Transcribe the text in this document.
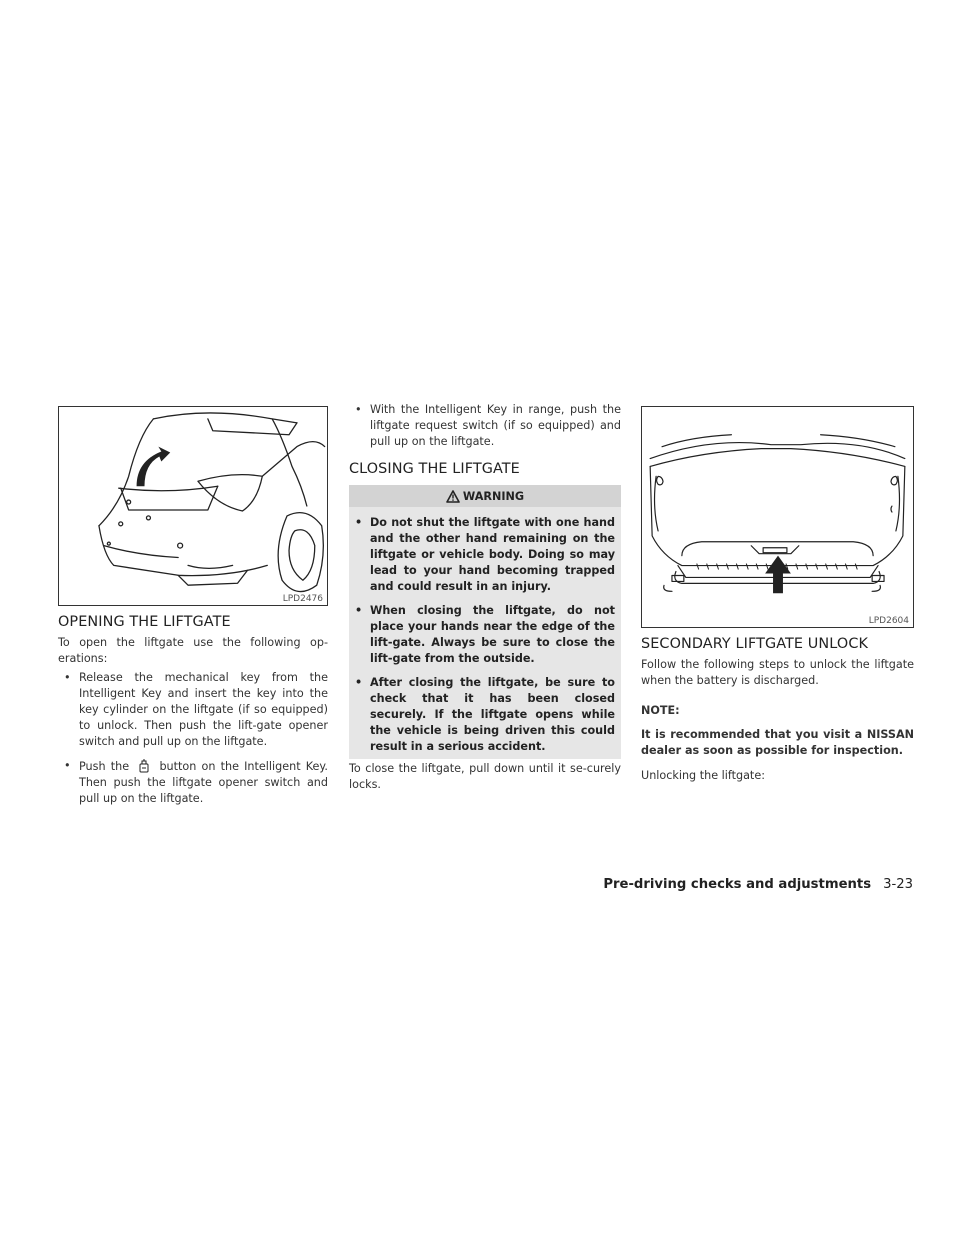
LPD2476
OPENING THE LIFTGATE

To open the liftgate use the following op-erations:

• Release the mechanical key from the Intelligent Key and insert the key into the key cylinder on the liftgate (if so equipped) to unlock. Then push the lift-gate opener switch and pull up on the liftgate.
• Push the	button on the Intelligent Key. Then push the liftgate opener switch and pull up on the liftgate.
• With the Intelligent Key in range, push the liftgate request switch (if so equipped) and pull up on the liftgate.
CLOSING THE LIFTGATE
WARNING
• Do not shut the liftgate with one hand and the other hand remaining on the liftgate or vehicle body. Doing so may lead to your hand becoming trapped and could result in an injury.
• When closing the liftgate, do not place your hands near the edge of the lift-gate. Always be sure to close the lift-gate from the outside.
• After closing the liftgate, be sure to check that it has been closed securely. If the liftgate opens while the vehicle is being driven this could result in a serious accident.

To close the liftgate, pull down until it se-curely locks.

LPD2604
SECONDARY LIFTGATE UNLOCK

Follow the following steps to unlock the liftgate when the battery is discharged.

NOTE:

It is recommended that you visit a NISSAN dealer as soon as possible for inspection.

Unlocking the liftgate:

Pre-driving checks and adjustments 3-23
